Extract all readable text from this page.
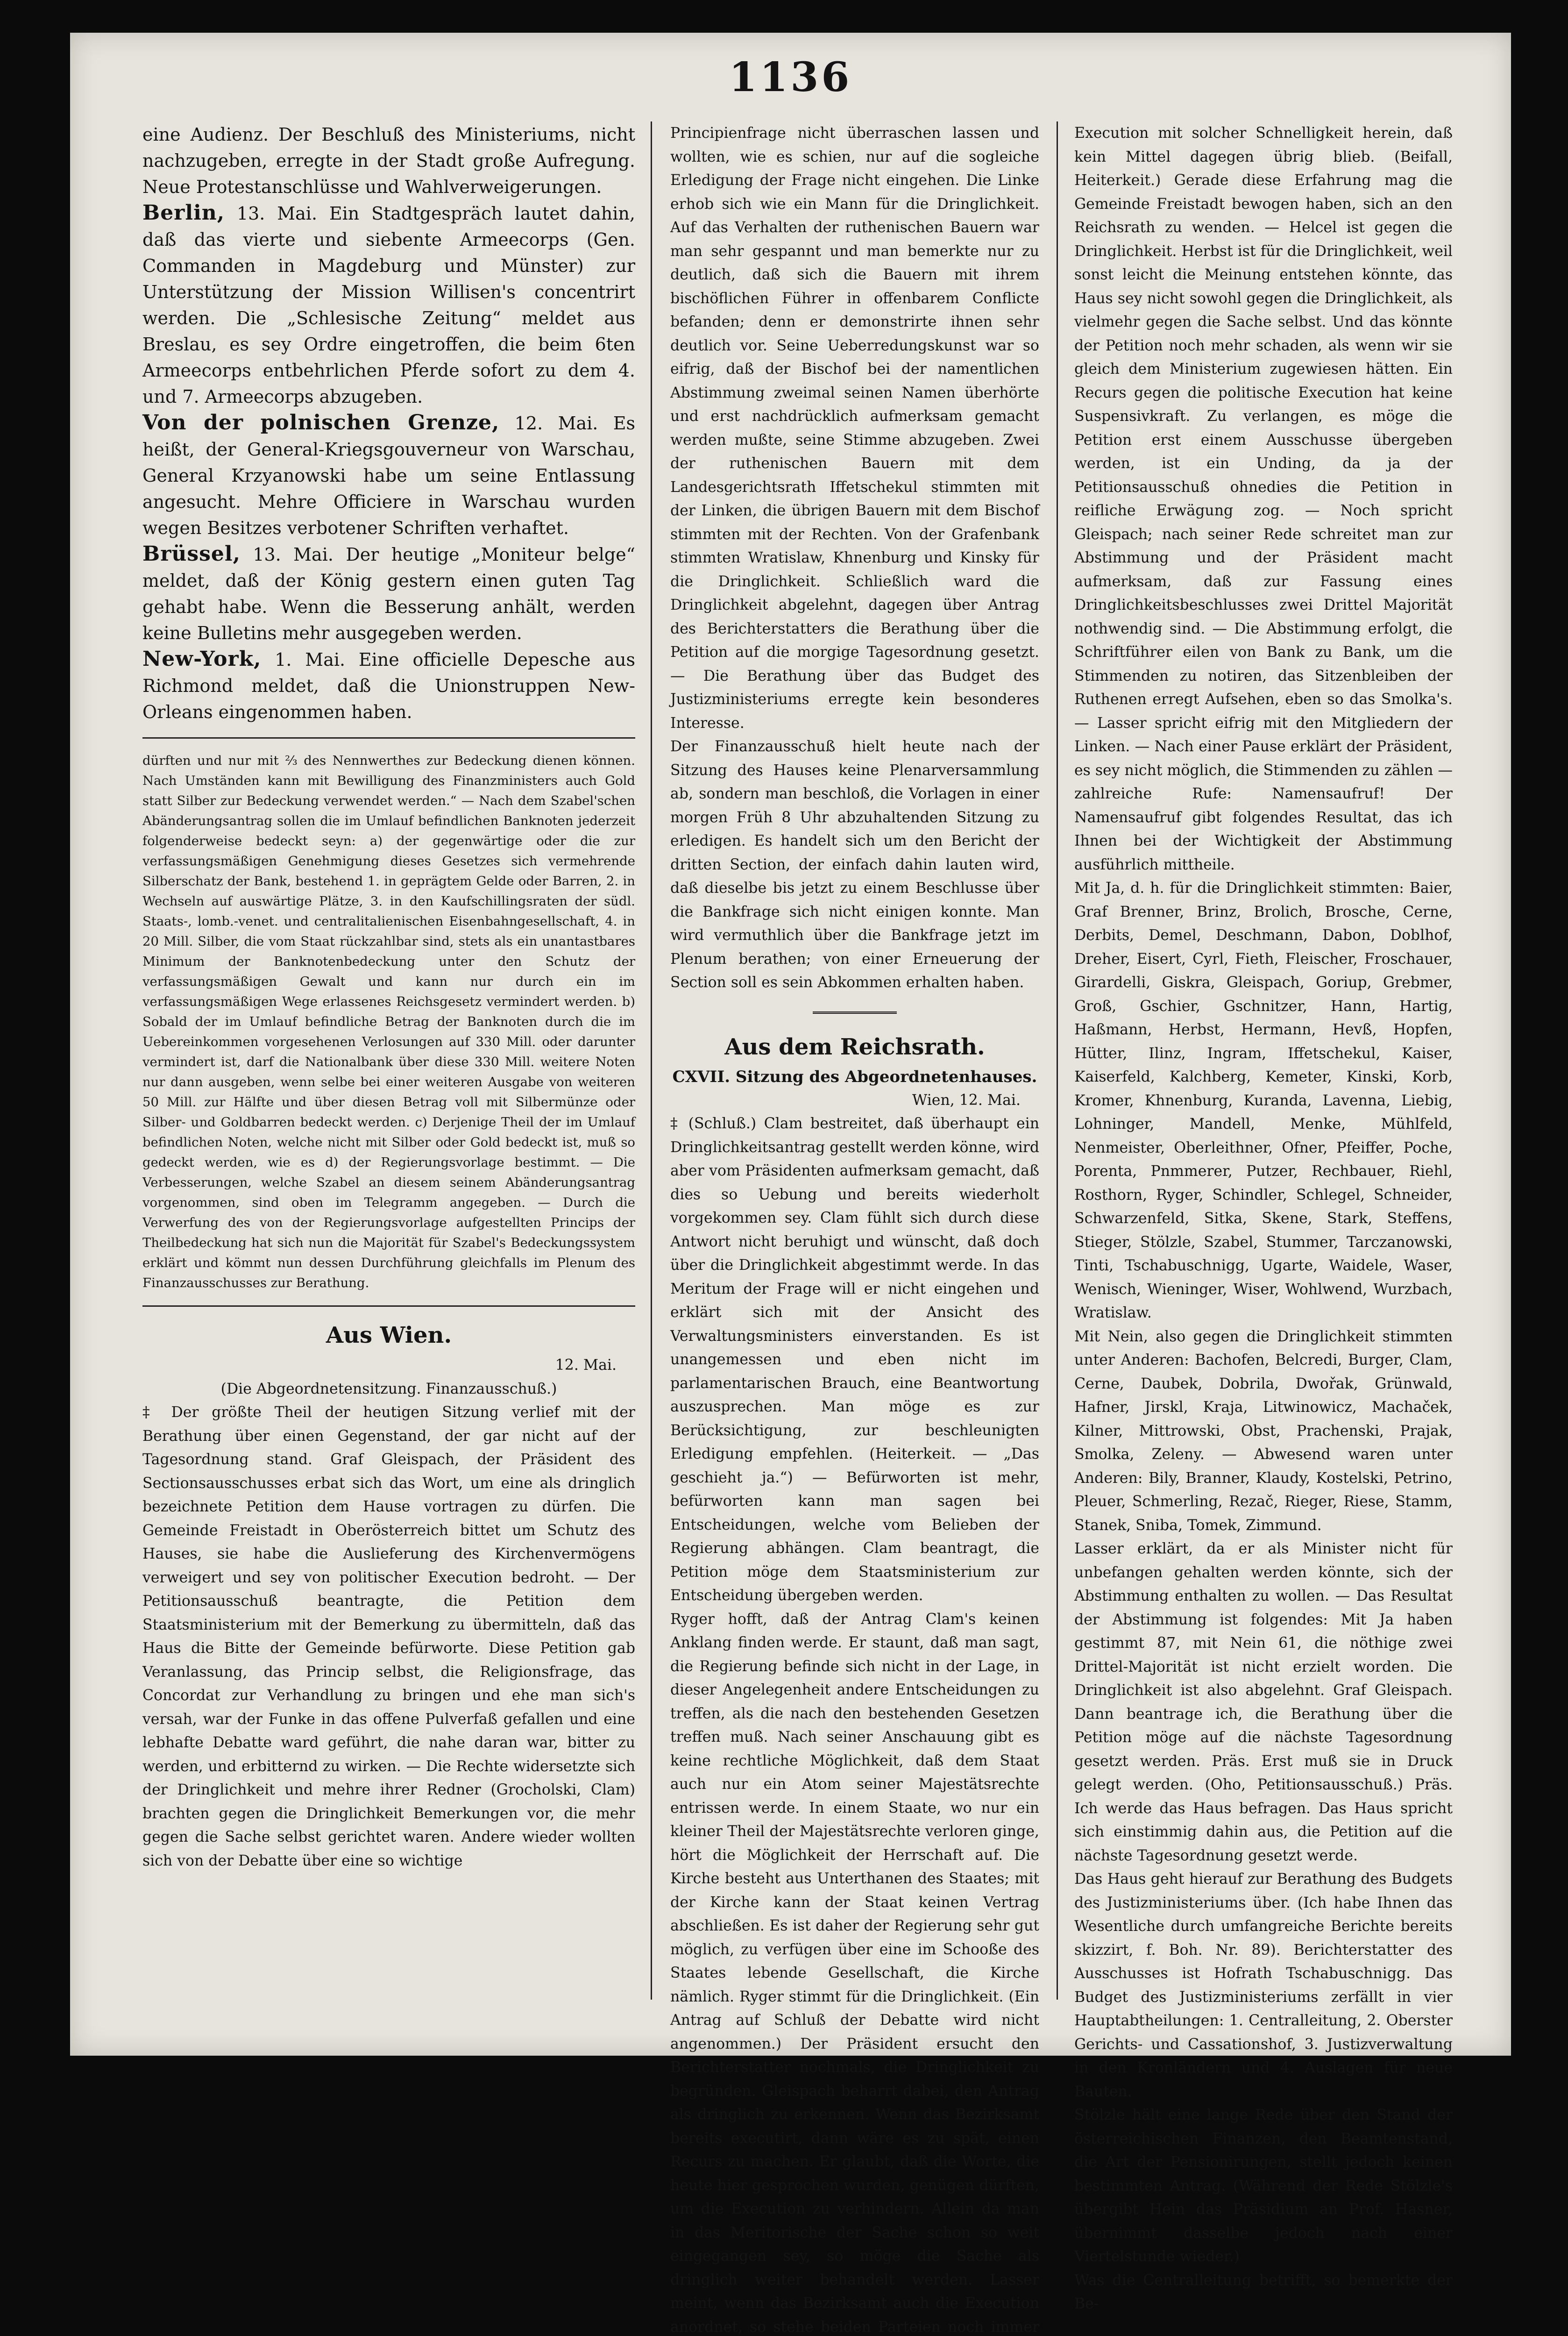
1136

eine Audienz. Der Beschluß des Ministeriums, nicht nachzugeben, erregte in der Stadt große Aufregung. Neue Protestanschlüsse und Wahlverweigerungen.

Berlin, 13. Mai. Ein Stadtgespräch lautet dahin, daß das vierte und siebente Armeecorps (Gen. Commanden in Magdeburg und Münster) zur Unterstützung der Mission Willisen's concentrirt werden. Die „Schlesische Zeitung“ meldet aus Breslau, es sey Ordre eingetroffen, die beim 6ten Armeecorps entbehrlichen Pferde sofort zu dem 4. und 7. Armeecorps abzugeben.

Von der polnischen Grenze, 12. Mai. Es heißt, der General-Kriegsgouverneur von Warschau, General Krzyanowski habe um seine Entlassung angesucht. Mehre Officiere in Warschau wurden wegen Besitzes verbotener Schriften verhaftet.

Brüssel, 13. Mai. Der heutige „Moniteur belge“ meldet, daß der König gestern einen guten Tag gehabt habe. Wenn die Besserung anhält, werden keine Bulletins mehr ausgegeben werden.

New-York, 1. Mai. Eine officielle Depesche aus Richmond meldet, daß die Unionstruppen New-Orleans eingenommen haben.

dürften und nur mit ⅔ des Nennwerthes zur Bedeckung dienen können. Nach Umständen kann mit Bewilligung des Finanzministers auch Gold statt Silber zur Bedeckung verwendet werden.“ — Nach dem Szabel'schen Abänderungsantrag sollen die im Umlauf befindlichen Banknoten jederzeit folgenderweise bedeckt seyn: a) der gegenwärtige oder die zur verfassungsmäßigen Genehmigung dieses Gesetzes sich vermehrende Silberschatz der Bank, bestehend 1. in geprägtem Gelde oder Barren, 2. in Wechseln auf auswärtige Plätze, 3. in den Kaufschillingsraten der südl. Staats-, lomb.-venet. und centralitalienischen Eisenbahngesellschaft, 4. in 20 Mill. Silber, die vom Staat rückzahlbar sind, stets als ein unantastbares Minimum der Banknotenbedeckung unter den Schutz der verfassungsmäßigen Gewalt und kann nur durch ein im verfassungsmäßigen Wege erlassenes Reichsgesetz vermindert werden. b) Sobald der im Umlauf befindliche Betrag der Banknoten durch die im Uebereinkommen vorgesehenen Verlosungen auf 330 Mill. oder darunter vermindert ist, darf die Nationalbank über diese 330 Mill. weitere Noten nur dann ausgeben, wenn selbe bei einer weiteren Ausgabe von weiteren 50 Mill. zur Hälfte und über diesen Betrag voll mit Silbermünze oder Silber- und Goldbarren bedeckt werden. c) Derjenige Theil der im Umlauf befindlichen Noten, welche nicht mit Silber oder Gold bedeckt ist, muß so gedeckt werden, wie es d) der Regierungsvorlage bestimmt. — Die Verbesserungen, welche Szabel an diesem seinem Abänderungsantrag vorgenommen, sind oben im Telegramm angegeben. — Durch die Verwerfung des von der Regierungsvorlage aufgestellten Princips der Theilbedeckung hat sich nun die Majorität für Szabel's Bedeckungssystem erklärt und kömmt nun dessen Durchführung gleichfalls im Plenum des Finanzausschusses zur Berathung.

Aus Wien.

12. Mai.

(Die Abgeordnetensitzung. Finanzausschuß.)

‡ Der größte Theil der heutigen Sitzung verlief mit der Berathung über einen Gegenstand, der gar nicht auf der Tagesordnung stand. Graf Gleispach, der Präsident des Sectionsausschusses erbat sich das Wort, um eine als dringlich bezeichnete Petition dem Hause vortragen zu dürfen. Die Gemeinde Freistadt in Oberösterreich bittet um Schutz des Hauses, sie habe die Auslieferung des Kirchenvermögens verweigert und sey von politischer Execution bedroht. — Der Petitionsausschuß beantragte, die Petition dem Staatsministerium mit der Bemerkung zu übermitteln, daß das Haus die Bitte der Gemeinde befürworte. Diese Petition gab Veranlassung, das Princip selbst, die Religionsfrage, das Concordat zur Verhandlung zu bringen und ehe man sich's versah, war der Funke in das offene Pulverfaß gefallen und eine lebhafte Debatte ward geführt, die nahe daran war, bitter zu werden, und erbitternd zu wirken. — Die Rechte widersetzte sich der Dringlichkeit und mehre ihrer Redner (Grocholski, Clam) brachten gegen die Dringlichkeit Bemerkungen vor, die mehr gegen die Sache selbst gerichtet waren. Andere wieder wollten sich von der Debatte über eine so wichtige

Principienfrage nicht überraschen lassen und wollten, wie es schien, nur auf die sogleiche Erledigung der Frage nicht eingehen. Die Linke erhob sich wie ein Mann für die Dringlichkeit. Auf das Verhalten der ruthenischen Bauern war man sehr gespannt und man bemerkte nur zu deutlich, daß sich die Bauern mit ihrem bischöflichen Führer in offenbarem Conflicte befanden; denn er demonstrirte ihnen sehr deutlich vor. Seine Ueberredungskunst war so eifrig, daß der Bischof bei der namentlichen Abstimmung zweimal seinen Namen überhörte und erst nachdrücklich aufmerksam gemacht werden mußte, seine Stimme abzugeben. Zwei der ruthenischen Bauern mit dem Landesgerichtsrath Iffetschekul stimmten mit der Linken, die übrigen Bauern mit dem Bischof stimmten mit der Rechten. Von der Grafenbank stimmten Wratislaw, Khnenburg und Kinsky für die Dringlichkeit. Schließlich ward die Dringlichkeit abgelehnt, dagegen über Antrag des Berichterstatters die Berathung über die Petition auf die morgige Tagesordnung gesetzt. — Die Berathung über das Budget des Justizministeriums erregte kein besonderes Interesse.

Der Finanzausschuß hielt heute nach der Sitzung des Hauses keine Plenarversammlung ab, sondern man beschloß, die Vorlagen in einer morgen Früh 8 Uhr abzuhaltenden Sitzung zu erledigen. Es handelt sich um den Bericht der dritten Section, der einfach dahin lauten wird, daß dieselbe bis jetzt zu einem Beschlusse über die Bankfrage sich nicht einigen konnte. Man wird vermuthlich über die Bankfrage jetzt im Plenum berathen; von einer Erneuerung der Section soll es sein Abkommen erhalten haben.

Aus dem Reichsrath.
CXVII. Sitzung des Abgeordnetenhauses.

Wien, 12. Mai.

‡ (Schluß.) Clam bestreitet, daß überhaupt ein Dringlichkeitsantrag gestellt werden könne, wird aber vom Präsidenten aufmerksam gemacht, daß dies so Uebung und bereits wiederholt vorgekommen sey. Clam fühlt sich durch diese Antwort nicht beruhigt und wünscht, daß doch über die Dringlichkeit abgestimmt werde. In das Meritum der Frage will er nicht eingehen und erklärt sich mit der Ansicht des Verwaltungsministers einverstanden. Es ist unangemessen und eben nicht im parlamentarischen Brauch, eine Beantwortung auszusprechen. Man möge es zur Berücksichtigung, zur beschleunigten Erledigung empfehlen. (Heiterkeit. — „Das geschieht ja.“) — Befürworten ist mehr, befürworten kann man sagen bei Entscheidungen, welche vom Belieben der Regierung abhängen. Clam beantragt, die Petition möge dem Staatsministerium zur Entscheidung übergeben werden.

Ryger hofft, daß der Antrag Clam's keinen Anklang finden werde. Er staunt, daß man sagt, die Regierung befinde sich nicht in der Lage, in dieser Angelegenheit andere Entscheidungen zu treffen, als die nach den bestehenden Gesetzen treffen muß. Nach seiner Anschauung gibt es keine rechtliche Möglichkeit, daß dem Staat auch nur ein Atom seiner Majestätsrechte entrissen werde. In einem Staate, wo nur ein kleiner Theil der Majestätsrechte verloren ginge, hört die Möglichkeit der Herrschaft auf. Die Kirche besteht aus Unterthanen des Staates; mit der Kirche kann der Staat keinen Vertrag abschließen. Es ist daher der Regierung sehr gut möglich, zu verfügen über eine im Schooße des Staates lebende Gesellschaft, die Kirche nämlich. Ryger stimmt für die Dringlichkeit. (Ein Antrag auf Schluß der Debatte wird nicht angenommen.) Der Präsident ersucht den Berichterstatter nochmals, die Dringlichkeit zu begründen. Gleispach beharrt dabei, den Antrag als dringlich zu erkennen. Wenn das Bezirksamt bereits executirt, dann wäre es zu spät, einen Recurs zu machen. Er glaubt, daß die Worte, die heute hier gesprochen wurden, genügen dürften, um die Execution zu verhindern. Allein da man in das Meritorische der Sache schon so weit eingegangen sey, so möge die Sache als dringlich weiter behandelt werden. Lasser meint, wenn das Bezirksamt auch die Execution anordnet, so stehe beiden Parteien noch immer

Execution mit solcher Schnelligkeit herein, daß kein Mittel dagegen übrig blieb. (Beifall, Heiterkeit.) Gerade diese Erfahrung mag die Gemeinde Freistadt bewogen haben, sich an den Reichsrath zu wenden. — Helcel ist gegen die Dringlichkeit. Herbst ist für die Dringlichkeit, weil sonst leicht die Meinung entstehen könnte, das Haus sey nicht sowohl gegen die Dringlichkeit, als vielmehr gegen die Sache selbst. Und das könnte der Petition noch mehr schaden, als wenn wir sie gleich dem Ministerium zugewiesen hätten. Ein Recurs gegen die politische Execution hat keine Suspensivkraft. Zu verlangen, es möge die Petition erst einem Ausschusse übergeben werden, ist ein Unding, da ja der Petitionsausschuß ohnedies die Petition in reifliche Erwägung zog. — Noch spricht Gleispach; nach seiner Rede schreitet man zur Abstimmung und der Präsident macht aufmerksam, daß zur Fassung eines Dringlichkeitsbeschlusses zwei Drittel Majorität nothwendig sind. — Die Abstimmung erfolgt, die Schriftführer eilen von Bank zu Bank, um die Stimmenden zu notiren, das Sitzenbleiben der Ruthenen erregt Aufsehen, eben so das Smolka's. — Lasser spricht eifrig mit den Mitgliedern der Linken. — Nach einer Pause erklärt der Präsident, es sey nicht möglich, die Stimmenden zu zählen — zahlreiche Rufe: Namensaufruf! Der Namensaufruf gibt folgendes Resultat, das ich Ihnen bei der Wichtigkeit der Abstimmung ausführlich mittheile.

Mit Ja, d. h. für die Dringlichkeit stimmten: Baier, Graf Brenner, Brinz, Brolich, Brosche, Cerne, Derbits, Demel, Deschmann, Dabon, Doblhof, Dreher, Eisert, Cyrl, Fieth, Fleischer, Froschauer, Girardelli, Giskra, Gleispach, Goriup, Grebmer, Groß, Gschier, Gschnitzer, Hann, Hartig, Haßmann, Herbst, Hermann, Hevß, Hopfen, Hütter, Ilinz, Ingram, Iffetschekul, Kaiser, Kaiserfeld, Kalchberg, Kemeter, Kinski, Korb, Kromer, Khnenburg, Kuranda, Lavenna, Liebig, Lohninger, Mandell, Menke, Mühlfeld, Nenmeister, Oberleithner, Ofner, Pfeiffer, Poche, Porenta, Pnmmerer, Putzer, Rechbauer, Riehl, Rosthorn, Ryger, Schindler, Schlegel, Schneider, Schwarzenfeld, Sitka, Skene, Stark, Steffens, Stieger, Stölzle, Szabel, Stummer, Tarczanowski, Tinti, Tschabuschnigg, Ugarte, Waidele, Waser, Wenisch, Wieninger, Wiser, Wohlwend, Wurzbach, Wratislaw.

Mit Nein, also gegen die Dringlichkeit stimmten unter Anderen: Bachofen, Belcredi, Burger, Clam, Cerne, Daubek, Dobrila, Dwořak, Grünwald, Hafner, Jirskl, Kraja, Litwinowicz, Machaček, Kilner, Mittrowski, Obst, Prachenski, Prajak, Smolka, Zeleny. — Abwesend waren unter Anderen: Bily, Branner, Klaudy, Kostelski, Petrino, Pleuer, Schmerling, Rezač, Rieger, Riese, Stamm, Stanek, Sniba, Tomek, Zimmund.

Lasser erklärt, da er als Minister nicht für unbefangen gehalten werden könnte, sich der Abstimmung enthalten zu wollen. — Das Resultat der Abstimmung ist folgendes: Mit Ja haben gestimmt 87, mit Nein 61, die nöthige zwei Drittel-Majorität ist nicht erzielt worden. Die Dringlichkeit ist also abgelehnt. Graf Gleispach. Dann beantrage ich, die Berathung über die Petition möge auf die nächste Tagesordnung gesetzt werden. Präs. Erst muß sie in Druck gelegt werden. (Oho, Petitionsausschuß.) Präs. Ich werde das Haus befragen. Das Haus spricht sich einstimmig dahin aus, die Petition auf die nächste Tagesordnung gesetzt werde.

Das Haus geht hierauf zur Berathung des Budgets des Justizministeriums über. (Ich habe Ihnen das Wesentliche durch umfangreiche Berichte bereits skizzirt, f. Boh. Nr. 89). Berichterstatter des Ausschusses ist Hofrath Tschabuschnigg. Das Budget des Justizministeriums zerfällt in vier Hauptabtheilungen: 1. Centralleitung, 2. Oberster Gerichts- und Cassationshof, 3. Justizverwaltung in den Kronländern und 4. Auslagen für neue Bauten.

Stölzle hält eine lange Rede über den Stand der österreichischen Finanzen, den Beamtenstand, die Art der Pensionirungen, stellt jedoch keinen bestimmten Antrag. (Während der Rede Stölzle's übergibt Hein das Präsidium an Prof. Hasner, übernimmt dasselbe jedoch nach einer Viertelstunde wieder.)

Was die Centralleitung betrifft, so bemerkte der Be-
